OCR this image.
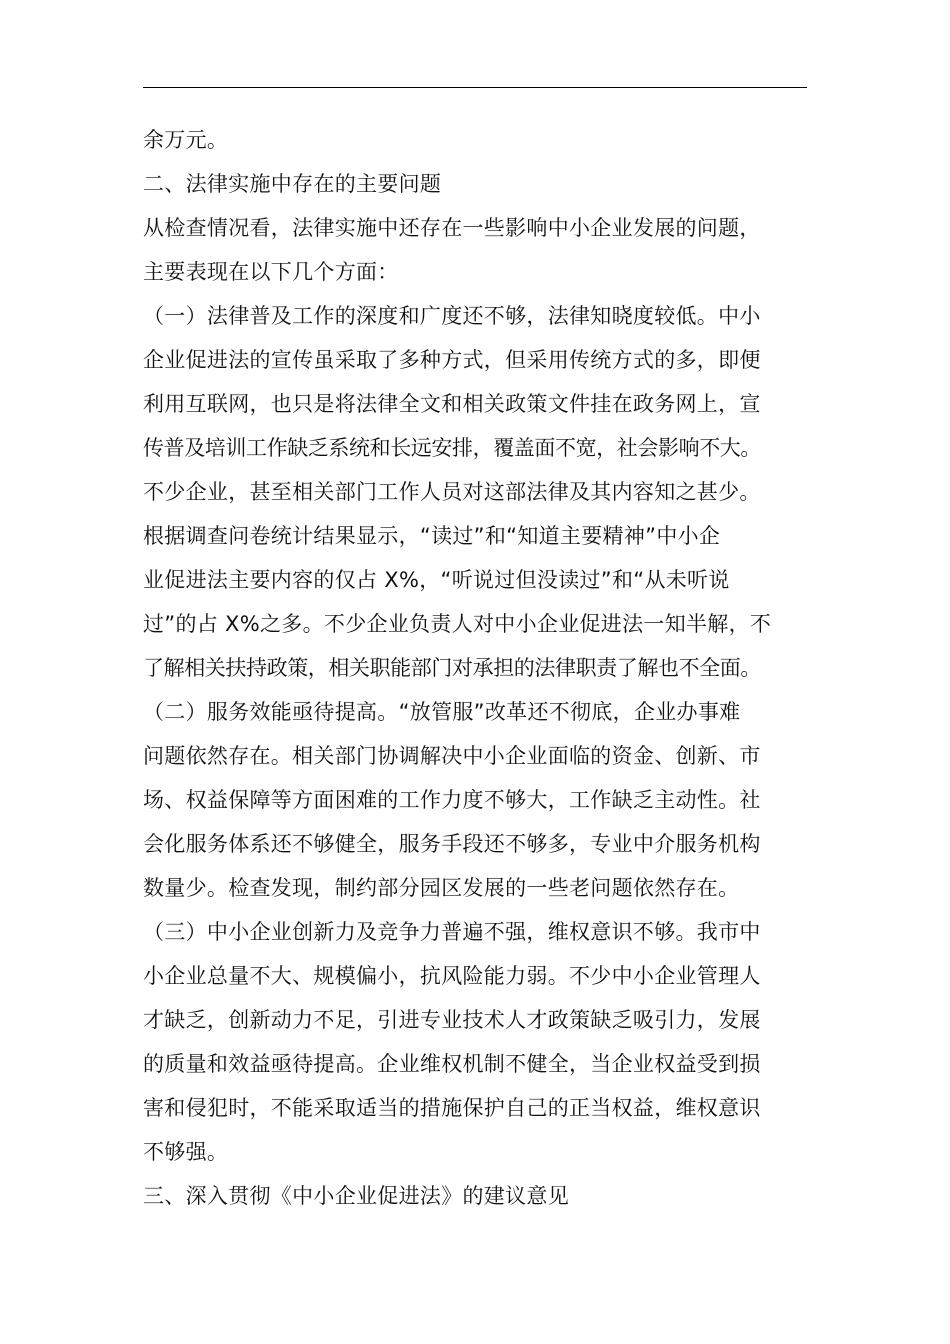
余万元。
二、法律实施中存在的主要问题
从检查情况看，法律实施中还存在一些影响中小企业发展的问题，
主要表现在以下几个方面：
（一）法律普及工作的深度和广度还不够，法律知晓度较低。中小
企业促进法的宣传虽采取了多种方式，但采用传统方式的多，即便
利用互联网，也只是将法律全文和相关政策文件挂在政务网上，宣
传普及培训工作缺乏系统和长远安排，覆盖面不宽，社会影响不大。
不少企业，甚至相关部门工作人员对这部法律及其内容知之甚少。
根据调查问卷统计结果显示，“读过”和“知道主要精神”中小企
业促进法主要内容的仅占 X%，“听说过但没读过”和“从未听说
过”的占 X%之多。不少企业负责人对中小企业促进法一知半解，不
了解相关扶持政策，相关职能部门对承担的法律职责了解也不全面。
（二）服务效能亟待提高。“放管服”改革还不彻底，企业办事难
问题依然存在。相关部门协调解决中小企业面临的资金、创新、市
场、权益保障等方面困难的工作力度不够大，工作缺乏主动性。社
会化服务体系还不够健全，服务手段还不够多，专业中介服务机构
数量少。检查发现，制约部分园区发展的一些老问题依然存在。
（三）中小企业创新力及竞争力普遍不强，维权意识不够。我市中
小企业总量不大、规模偏小，抗风险能力弱。不少中小企业管理人
才缺乏，创新动力不足，引进专业技术人才政策缺乏吸引力，发展
的质量和效益亟待提高。企业维权机制不健全，当企业权益受到损
害和侵犯时，不能采取适当的措施保护自己的正当权益，维权意识
不够强。
三、深入贯彻《中小企业促进法》的建议意见
